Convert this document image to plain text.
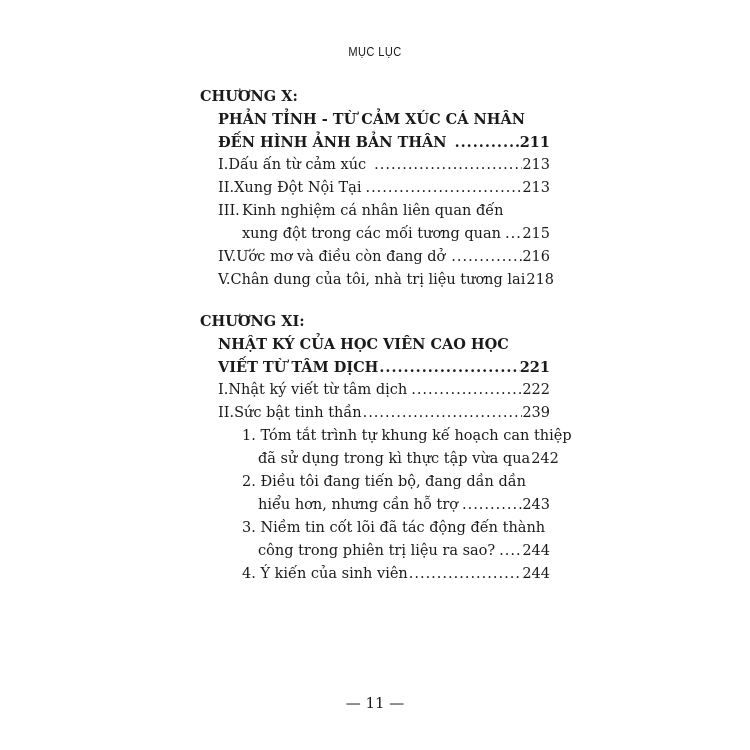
MỤC LỤC
CHƯƠNG X:
PHẢN TỈNH - TỪ CẢM XÚC CÁ NHÂN
ĐẾN HÌNH ẢNH BẢN THÂN .....	211
I. Dấu ấn từ cảm xúc .....	213
II. Xung Đột Nội Tại .....	213
III. Kinh nghiệm cá nhân liên quan đến
xung đột trong các mối tương quan ..... 215
IV. Ước mơ và điều còn đang dở .....	216
V. Chân dung của tôi, nhà trị liệu tương lai 218
CHƯƠNG XI:
NHẬT KÝ CỦA HỌC VIÊN CAO HỌC
VIẾT TỪ TÂM DỊCH .....	221
I. Nhật ký viết từ tâm dịch .....	222
II. Sức bật tinh thần .....	239
1. Tóm tắt trình tự khung kế hoạch can thiệp
đã sử dụng trong kì thực tập vừa qua 242
2. Điều tôi đang tiến bộ, đang dần dần
hiểu hơn, nhưng cần hỗ trợ .....	243
3. Niềm tin cốt lõi đã tác động đến thành
công trong phiên trị liệu ra sao? ..... 244
4. Ý kiến của sinh viên .....	244
— 11 —
